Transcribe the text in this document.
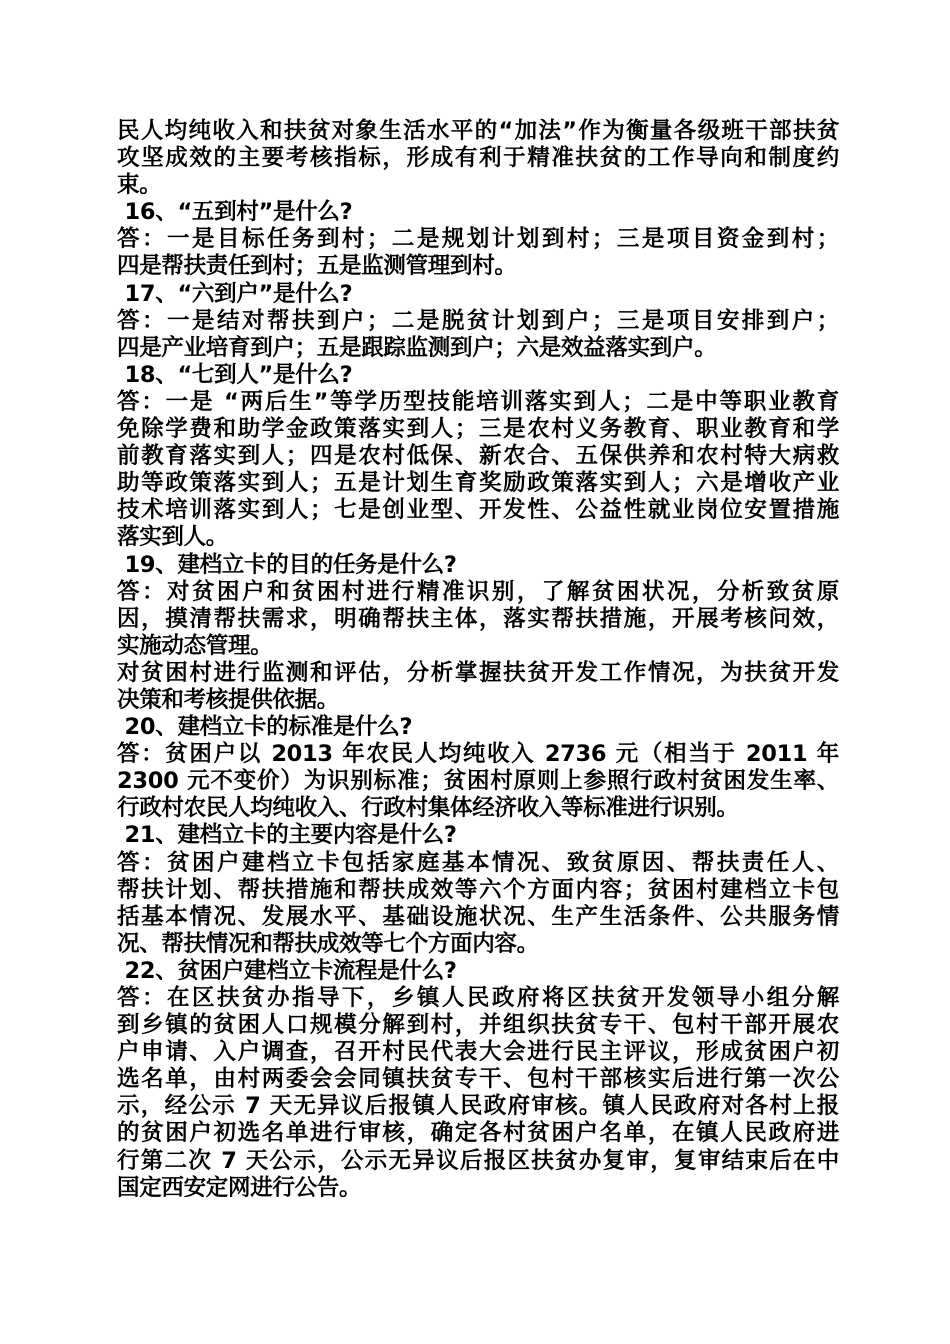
民人均纯收入和扶贫对象生活水平的“加法”作为衡量各级班干部扶贫
攻坚成效的主要考核指标，形成有利于精准扶贫的工作导向和制度约
束。
16、“五到村”是什么?
答：一是目标任务到村；二是规划计划到村；三是项目资金到村；
四是帮扶责任到村；五是监测管理到村。
17、“六到户”是什么?
答：一是结对帮扶到户；二是脱贫计划到户；三是项目安排到户；
四是产业培育到户；五是跟踪监测到户；六是效益落实到户。
18、“七到人”是什么?
答：一是 “两后生”等学历型技能培训落实到人；二是中等职业教育
免除学费和助学金政策落实到人；三是农村义务教育、职业教育和学
前教育落实到人；四是农村低保、新农合、五保供养和农村特大病救
助等政策落实到人；五是计划生育奖励政策落实到人；六是增收产业
技术培训落实到人；七是创业型、开发性、公益性就业岗位安置措施
落实到人。
19、建档立卡的目的任务是什么?
答：对贫困户和贫困村进行精准识别，了解贫困状况，分析致贫原
因，摸清帮扶需求，明确帮扶主体，落实帮扶措施，开展考核问效，
实施动态管理。
对贫困村进行监测和评估，分析掌握扶贫开发工作情况，为扶贫开发
决策和考核提供依据。
20、建档立卡的标准是什么?
答：贫困户以 2013 年农民人均纯收入 2736 元（相当于 2011 年
2300 元不变价）为识别标准；贫困村原则上参照行政村贫困发生率、
行政村农民人均纯收入、行政村集体经济收入等标准进行识别。
21、建档立卡的主要内容是什么?
答：贫困户建档立卡包括家庭基本情况、致贫原因、帮扶责任人、
帮扶计划、帮扶措施和帮扶成效等六个方面内容；贫困村建档立卡包
括基本情况、发展水平、基础设施状况、生产生活条件、公共服务情
况、帮扶情况和帮扶成效等七个方面内容。
22、贫困户建档立卡流程是什么?
答：在区扶贫办指导下，乡镇人民政府将区扶贫开发领导小组分解
到乡镇的贫困人口规模分解到村，并组织扶贫专干、包村干部开展农
户申请、入户调查，召开村民代表大会进行民主评议，形成贫困户初
选名单，由村两委会会同镇扶贫专干、包村干部核实后进行第一次公
示，经公示 7 天无异议后报镇人民政府审核。镇人民政府对各村上报
的贫困户初选名单进行审核，确定各村贫困户名单，在镇人民政府进
行第二次 7 天公示，公示无异议后报区扶贫办复审，复审结束后在中
国定西安定网进行公告。
